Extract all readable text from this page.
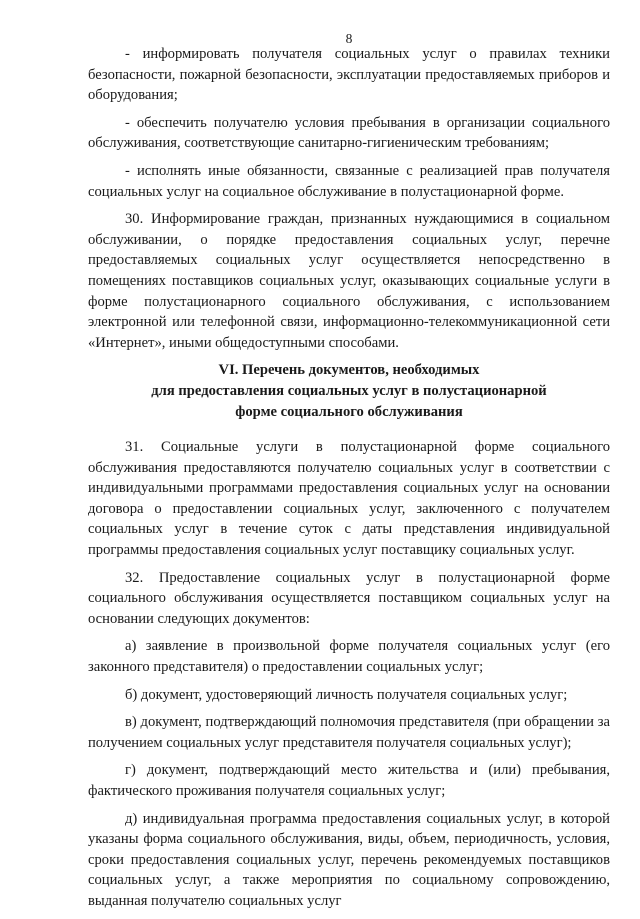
8

- информировать получателя социальных услуг о правилах техники безопасности, пожарной безопасности, эксплуатации предоставляемых приборов и оборудования;

- обеспечить получателю условия пребывания в организации социального обслуживания, соответствующие санитарно-гигиеническим требованиям;

- исполнять иные обязанности, связанные с реализацией прав получателя социальных услуг на социальное обслуживание в полустационарной форме.

30. Информирование граждан, признанных нуждающимися в социальном обслуживании, о порядке предоставления социальных услуг, перечне предоставляемых социальных услуг осуществляется непосредственно в помещениях поставщиков социальных услуг, оказывающих социальные услуги в форме полустационарного социального обслуживания, с использованием электронной или телефонной связи, информационно-телекоммуникационной сети «Интернет», иными общедоступными способами.

VI. Перечень документов, необходимых
для предоставления социальных услуг в полустационарной
форме социального обслуживания

31. Социальные услуги в полустационарной форме социального обслуживания предоставляются получателю социальных услуг в соответствии с индивидуальными программами предоставления социальных услуг на основании договора о предоставлении социальных услуг, заключенного с получателем социальных услуг в течение суток с даты представления индивидуальной программы предоставления социальных услуг поставщику социальных услуг.

32. Предоставление социальных услуг в полустационарной форме социального обслуживания осуществляется поставщиком социальных услуг на основании следующих документов:

а) заявление в произвольной форме получателя социальных услуг (его законного представителя) о предоставлении социальных услуг;

б) документ, удостоверяющий личность получателя социальных услуг;

в) документ, подтверждающий полномочия представителя (при обращении за получением социальных услуг представителя получателя социальных услуг);

г) документ, подтверждающий место жительства и (или) пребывания, фактического проживания получателя социальных услуг;

д) индивидуальная программа предоставления социальных услуг, в которой указаны форма социального обслуживания, виды, объем, периодичность, условия, сроки предоставления социальных услуг, перечень рекомендуемых поставщиков социальных услуг, а также мероприятия по социальному сопровождению, выданная получателю социальных услуг
